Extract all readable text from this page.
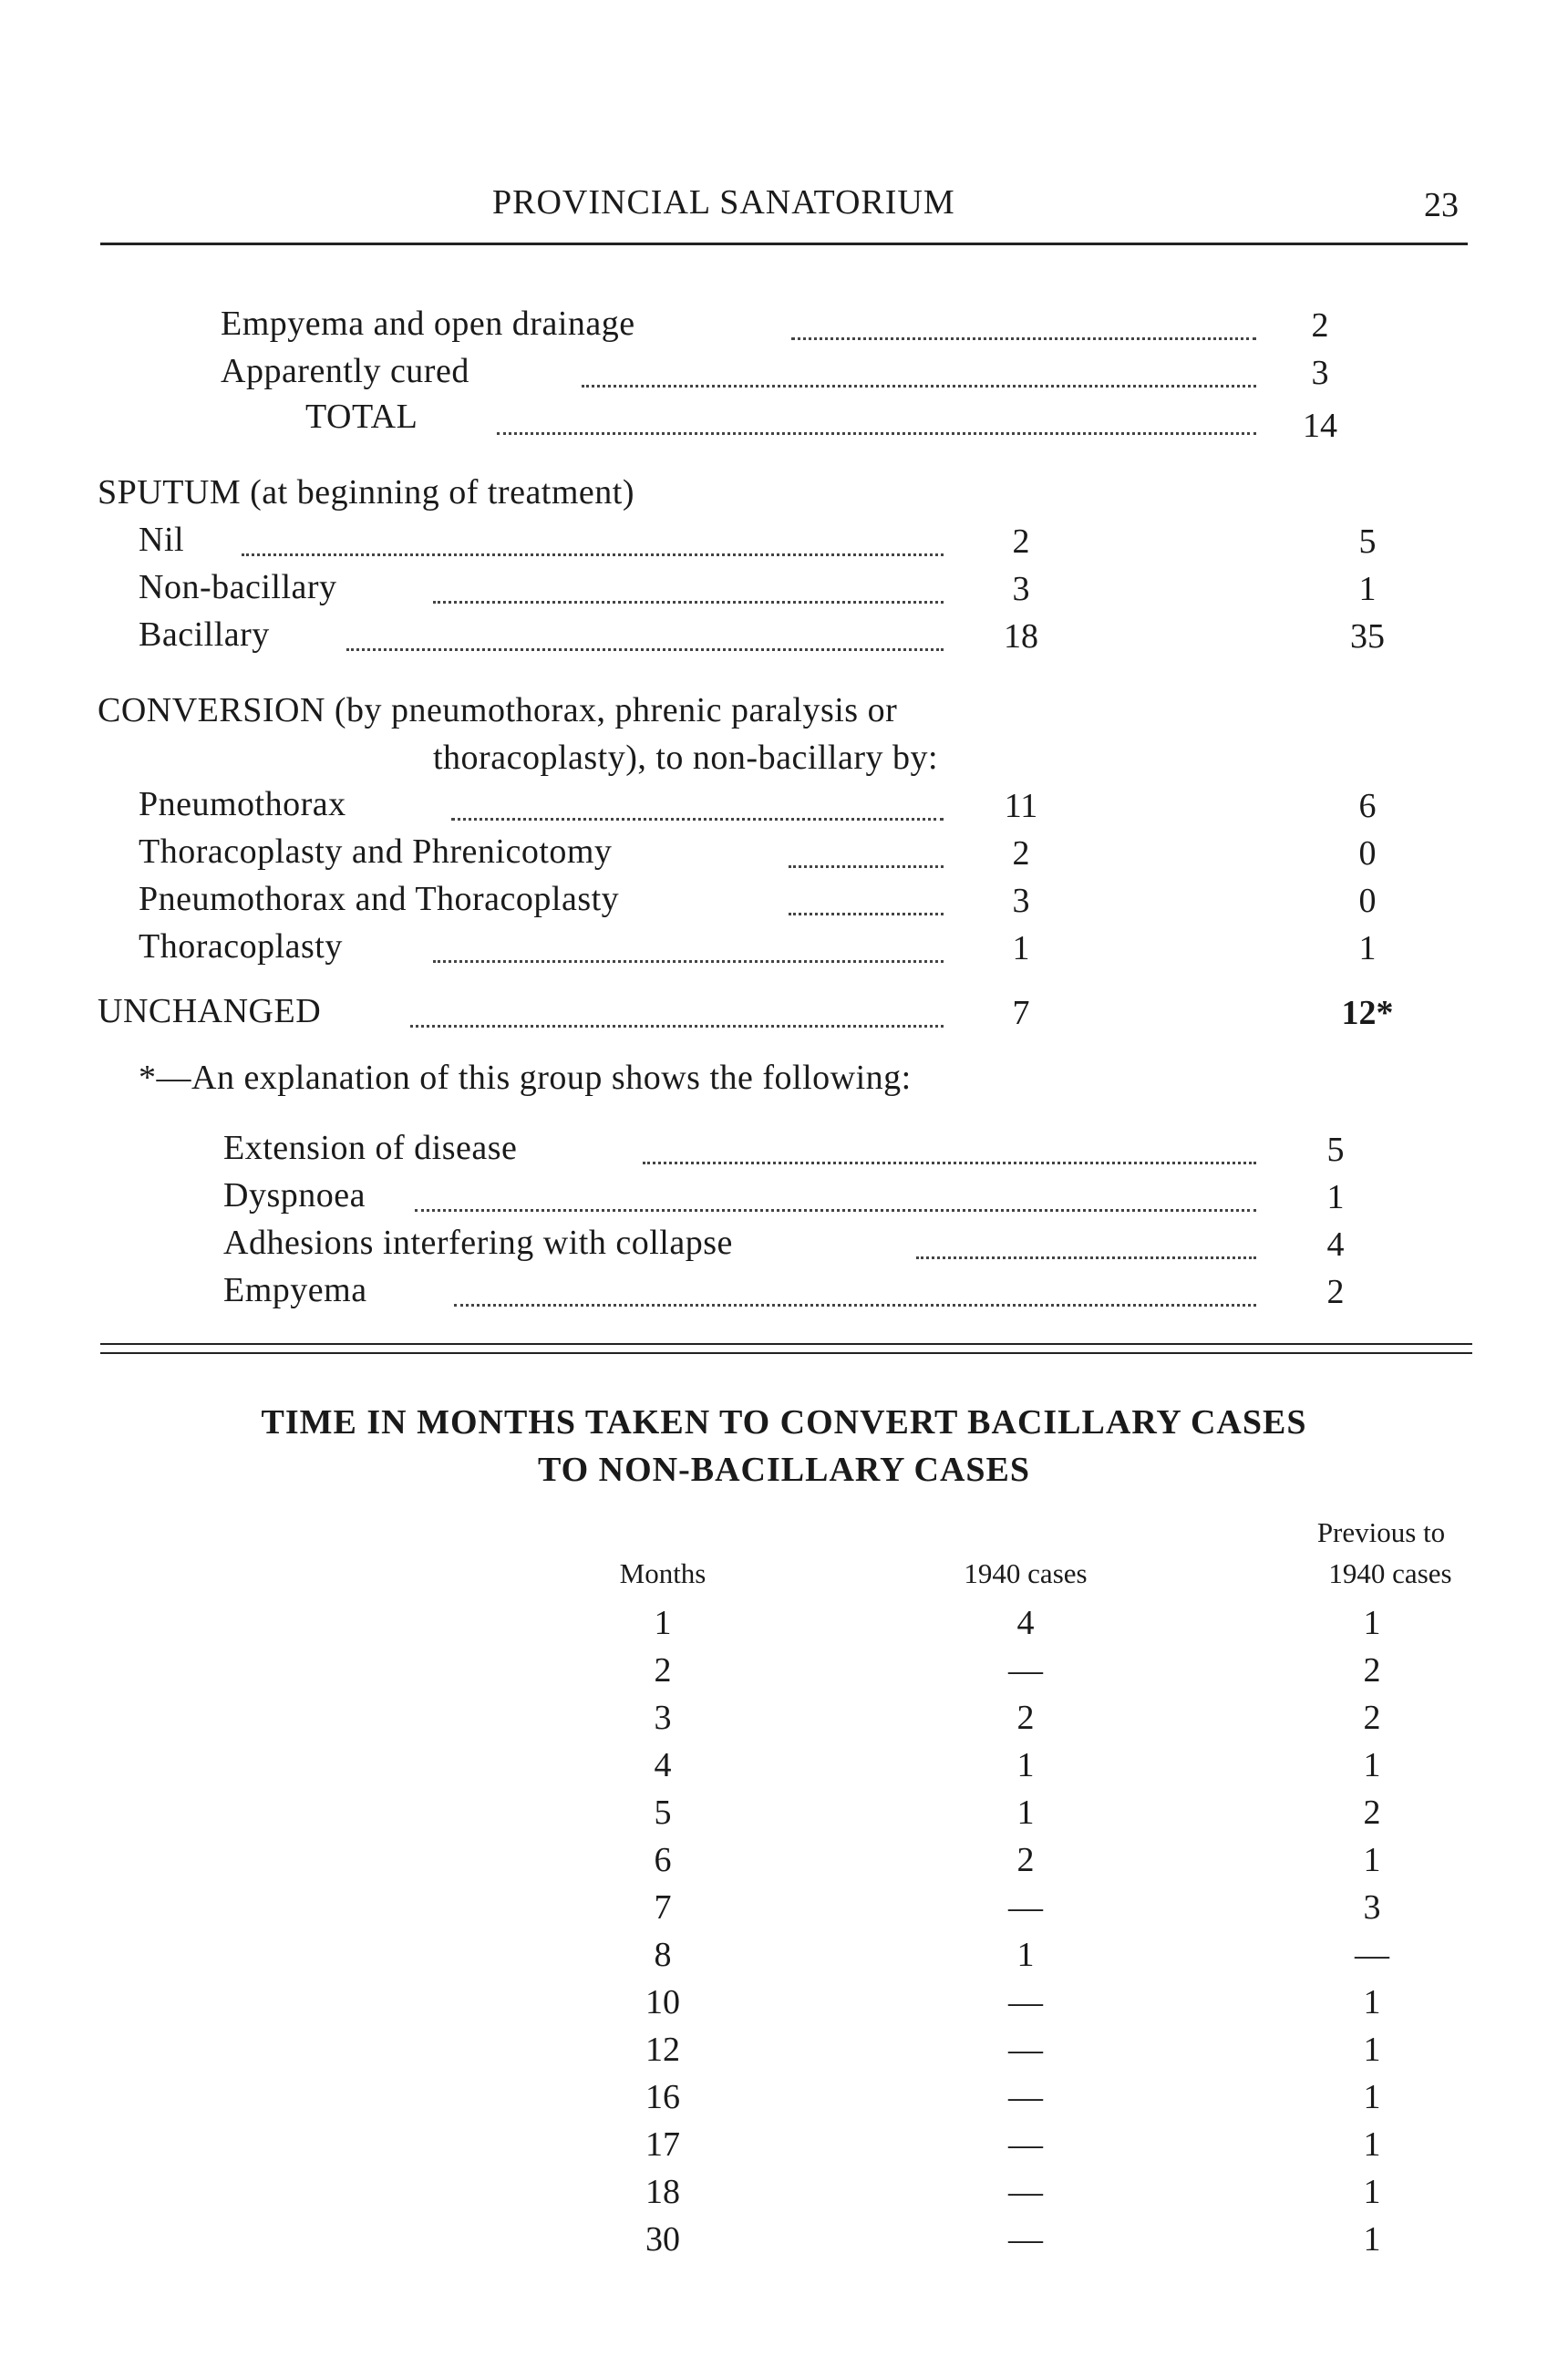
PROVINCIAL SANATORIUM	23
Empyema and open drainage	2
Apparently cured	3
TOTAL	14
SPUTUM (at beginning of treatment)
Nil	2	5
Non-bacillary	3	1
Bacillary	18	35
CONVERSION (by pneumothorax, phrenic paralysis or
thoracoplasty), to non-bacillary by:
Pneumothorax	11	6
Thoracoplasty and Phrenicotomy	2	0
Pneumothorax and Thoracoplasty	3	0
Thoracoplasty	1	1
UNCHANGED	7	12*
*—An explanation of this group shows the following:
Extension of disease	5
Dyspnoea	1
Adhesions interfering with collapse	4
Empyema	2
TIME IN MONTHS TAKEN TO CONVERT BACILLARY CASES
TO NON-BACILLARY CASES
Months	1940 cases
Previous to
1940 cases
1	4	1
2	—	2
3	2	2
4	1	1
5	1	2
6	2	1
7	—	3
8	1	—
10	—	1
12	—	1
16	—	1
17	—	1
18	—	1
30	—	1
